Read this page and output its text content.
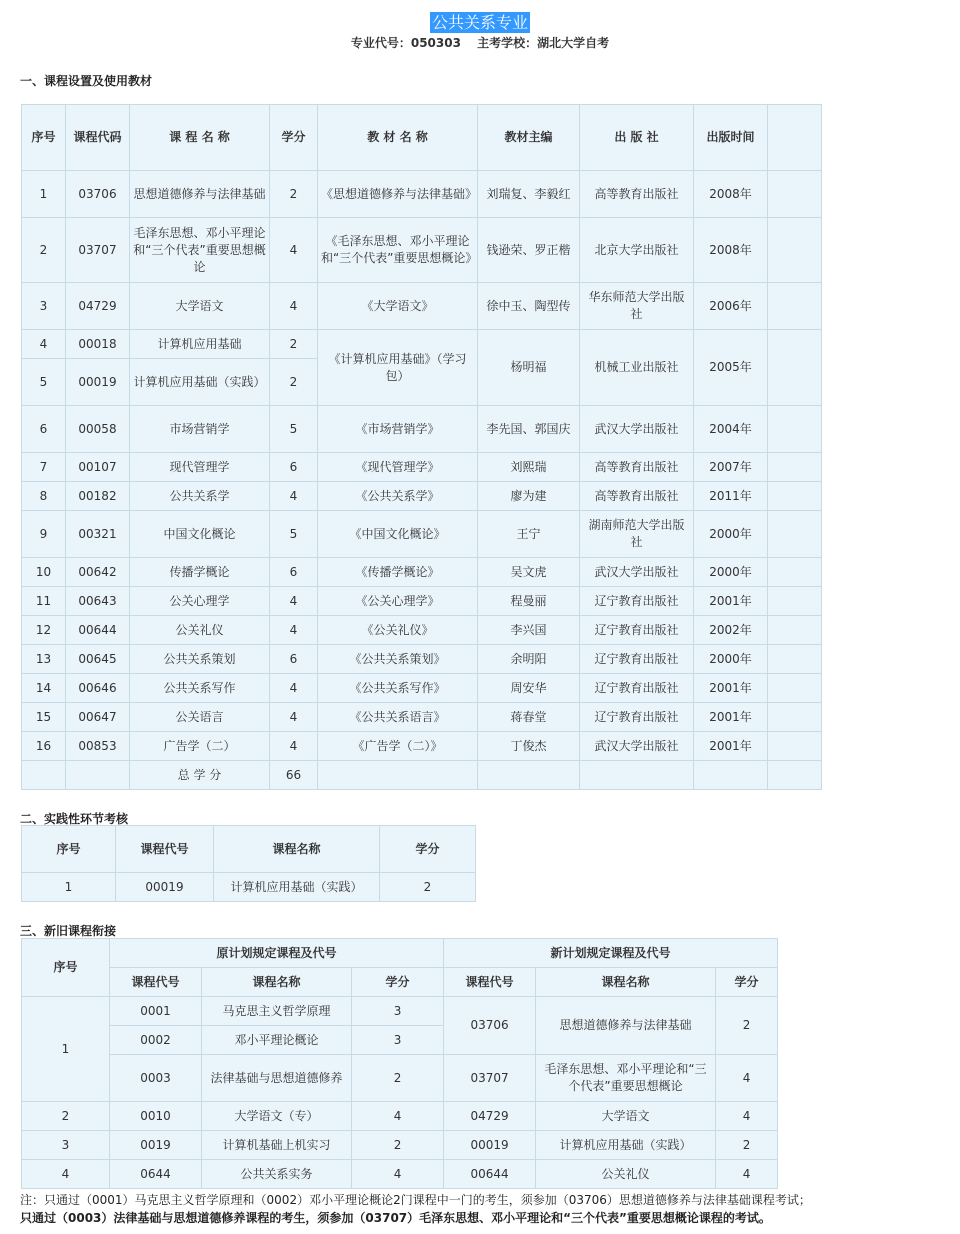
公共关系专业
专业代号：050303 主考学校：湖北大学自考
一、课程设置及使用教材
序号	课程代码	课 程 名 称	学分	教 材 名 称	教材主编	出 版 社	出版时间	
1	03706	思想道德修养与法律基础	2	《思想道德修养与法律基础》	刘瑞复、李毅红	高等教育出版社	2008年	
2	03707	毛泽东思想、邓小平理论和“三个代表”重要思想概论	4	《毛泽东思想、邓小平理论和“三个代表”重要思想概论》	钱逊荣、罗正楷	北京大学出版社	2008年	
3	04729	大学语文	4	《大学语文》	徐中玉、陶型传	华东师范大学出版社	2006年	
4	00018	计算机应用基础	2	《计算机应用基础》（学习包）	杨明福	机械工业出版社	2005年	
5	00019	计算机应用基础（实践）	2					
6	00058	市场营销学	5	《市场营销学》	李先国、郭国庆	武汉大学出版社	2004年	
7	00107	现代管理学	6	《现代管理学》	刘熙瑞	高等教育出版社	2007年	
8	00182	公共关系学	4	《公共关系学》	廖为建	高等教育出版社	2011年	
9	00321	中国文化概论	5	《中国文化概论》	王宁	湖南师范大学出版社	2000年	
10	00642	传播学概论	6	《传播学概论》	吴文虎	武汉大学出版社	2000年	
11	00643	公关心理学	4	《公关心理学》	程曼丽	辽宁教育出版社	2001年	
12	00644	公关礼仪	4	《公关礼仪》	李兴国	辽宁教育出版社	2002年	
13	00645	公共关系策划	6	《公共关系策划》	余明阳	辽宁教育出版社	2000年	
14	00646	公共关系写作	4	《公共关系写作》	周安华	辽宁教育出版社	2001年	
15	00647	公关语言	4	《公共关系语言》	蒋春堂	辽宁教育出版社	2001年	
16	00853	广告学（二）	4	《广告学（二）》	丁俊杰	武汉大学出版社	2001年	
		总 学 分	66					
二、实践性环节考核
序号	课程代号	课程名称	学分
1	00019	计算机应用基础（实践）	2
三、新旧课程衔接
序号	原计划规定课程及代号			新计划规定课程及代号		
	课程代号	课程名称	学分	课程代号	课程名称	学分
1	0001	马克思主义哲学原理	3	03706	思想道德修养与法律基础	2
	0002	邓小平理论概论	3			
	0003	法律基础与思想道德修养	2	03707	毛泽东思想、邓小平理论和“三个代表”重要思想概论	4
2	0010	大学语文（专）	4	04729	大学语文	4
3	0019	计算机基础上机实习	2	00019	计算机应用基础（实践）	2
4	0644	公共关系实务	4	00644	公关礼仪	4
注：只通过（0001）马克思主义哲学原理和（0002）邓小平理论概论2门课程中一门的考生，须参加（03706）思想道德修养与法律基础课程考试；
只通过（0003）法律基础与思想道德修养课程的考生，须参加（03707）毛泽东思想、邓小平理论和“三个代表”重要思想概论课程的考试。
